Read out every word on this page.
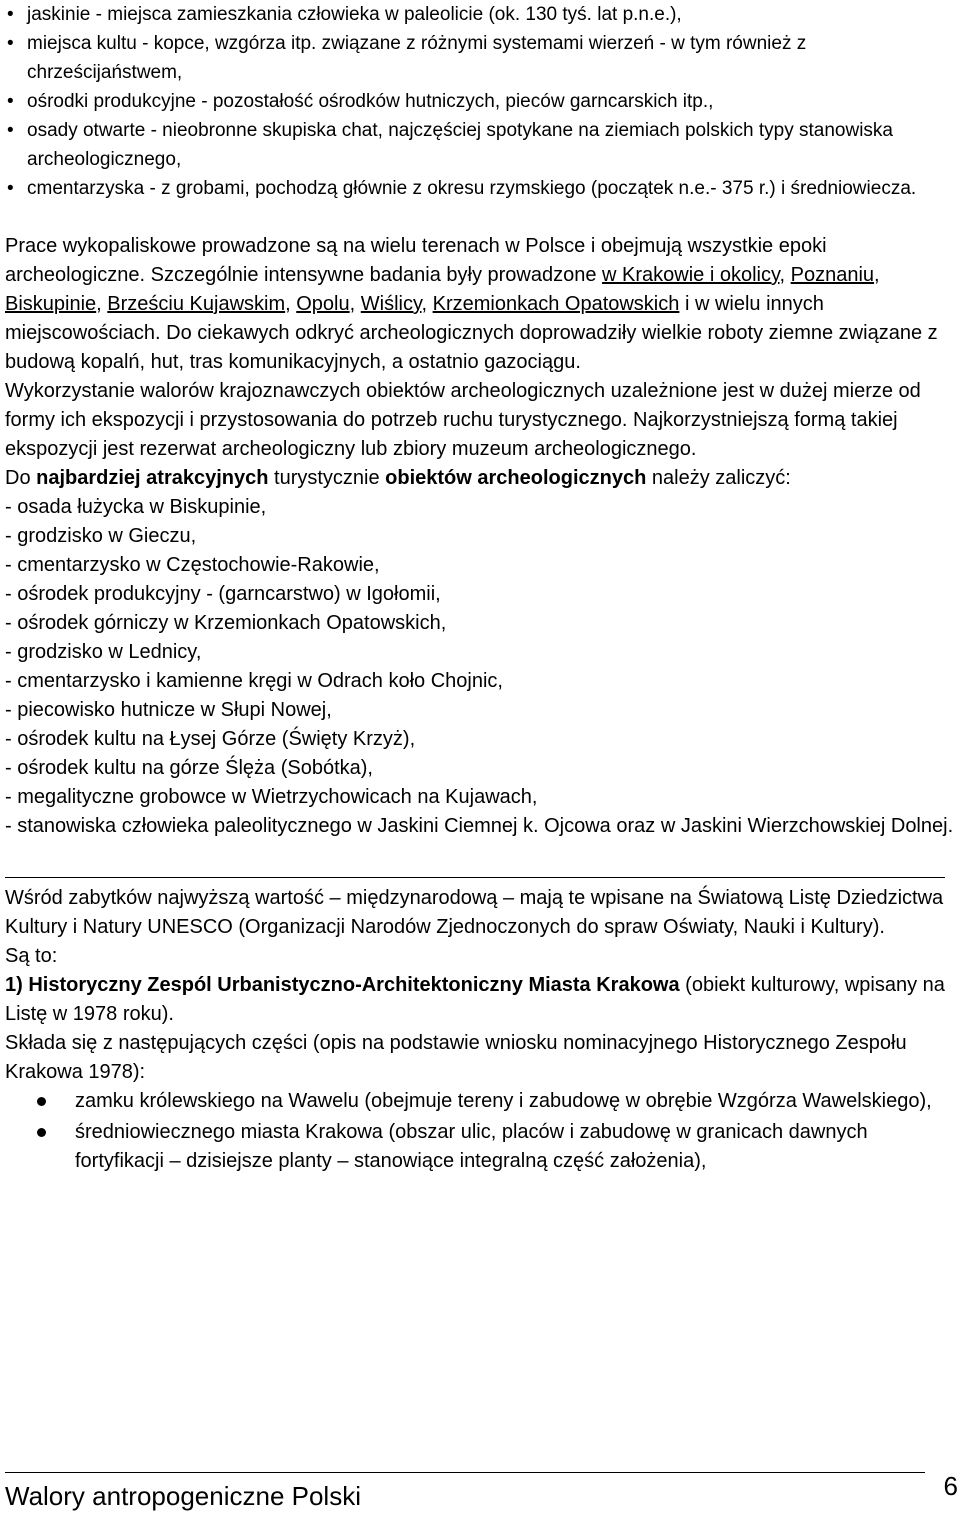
• jaskinie - miejsca zamieszkania człowieka w paleolicie (ok. 130 tyś. lat p.n.e.),
• miejsca kultu - kopce, wzgórza itp. związane z różnymi systemami wierzeń - w tym również z chrześcijaństwem,
• ośrodki produkcyjne - pozostałość ośrodków hutniczych, pieców garncarskich itp.,
• osady otwarte - nieobronne skupiska chat, najczęściej spotykane na ziemiach polskich typy stanowiska archeologicznego,
• cmentarzyska - z grobami, pochodzą głównie z okresu rzymskiego (początek n.e.- 375 r.) i średniowiecza.

Prace wykopaliskowe prowadzone są na wielu terenach w Polsce i obejmują wszystkie epoki archeologiczne. Szczególnie intensywne badania były prowadzone w Krakowie i okolicy, Poznaniu, Biskupinie, Brześciu Kujawskim, Opolu, Wiślicy, Krzemionkach Opatowskich i w wielu innych miejscowościach. Do ciekawych odkryć archeologicznych doprowadziły wielkie roboty ziemne związane z budową kopalń, hut, tras komunikacyjnych, a ostatnio gazociągu.

Wykorzystanie walorów krajoznawczych obiektów archeologicznych uzależnione jest w dużej mierze od formy ich ekspozycji i przystosowania do potrzeb ruchu turystycznego. Najkorzystniejszą formą takiej ekspozycji jest rezerwat archeologiczny lub zbiory muzeum archeologicznego.

Do najbardziej atrakcyjnych turystycznie obiektów archeologicznych należy zaliczyć:

- osada łużycka w Biskupinie,
- grodzisko w Gieczu,
- cmentarzysko w Częstochowie-Rakowie,
- ośrodek produkcyjny - (garncarstwo) w Igołomii,
- ośrodek górniczy w Krzemionkach Opatowskich,
- grodzisko w Lednicy,
- cmentarzysko i kamienne kręgi w Odrach koło Chojnic,
- piecowisko hutnicze w Słupi Nowej,
- ośrodek kultu na Łysej Górze (Święty Krzyż),
- ośrodek kultu na górze Ślęża (Sobótka),
- megalityczne grobowce w Wietrzychowicach na Kujawach,
- stanowiska człowieka paleolitycznego w Jaskini Ciemnej k. Ojcowa oraz w Jaskini Wierzchowskiej Dolnej.

Wśród zabytków najwyższą wartość – międzynarodową – mają te wpisane na Światową Listę Dziedzictwa Kultury i Natury UNESCO (Organizacji Narodów Zjednoczonych do spraw Oświaty, Nauki i Kultury).

Są to:

1) Historyczny Zespól Urbanistyczno-Architektoniczny Miasta Krakowa (obiekt kulturowy, wpisany na Listę w 1978 roku).

Składa się z następujących części (opis na podstawie wniosku nominacyjnego Historycznego Zespołu Krakowa 1978):

zamku królewskiego na Wawelu (obejmuje tereny i zabudowę w obrębie Wzgórza Wawelskiego),
średniowiecznego miasta Krakowa (obszar ulic, placów i zabudowę w granicach dawnych fortyfikacji – dzisiejsze planty – stanowiące integralną część założenia),
Walory antropogeniczne Polski	6
